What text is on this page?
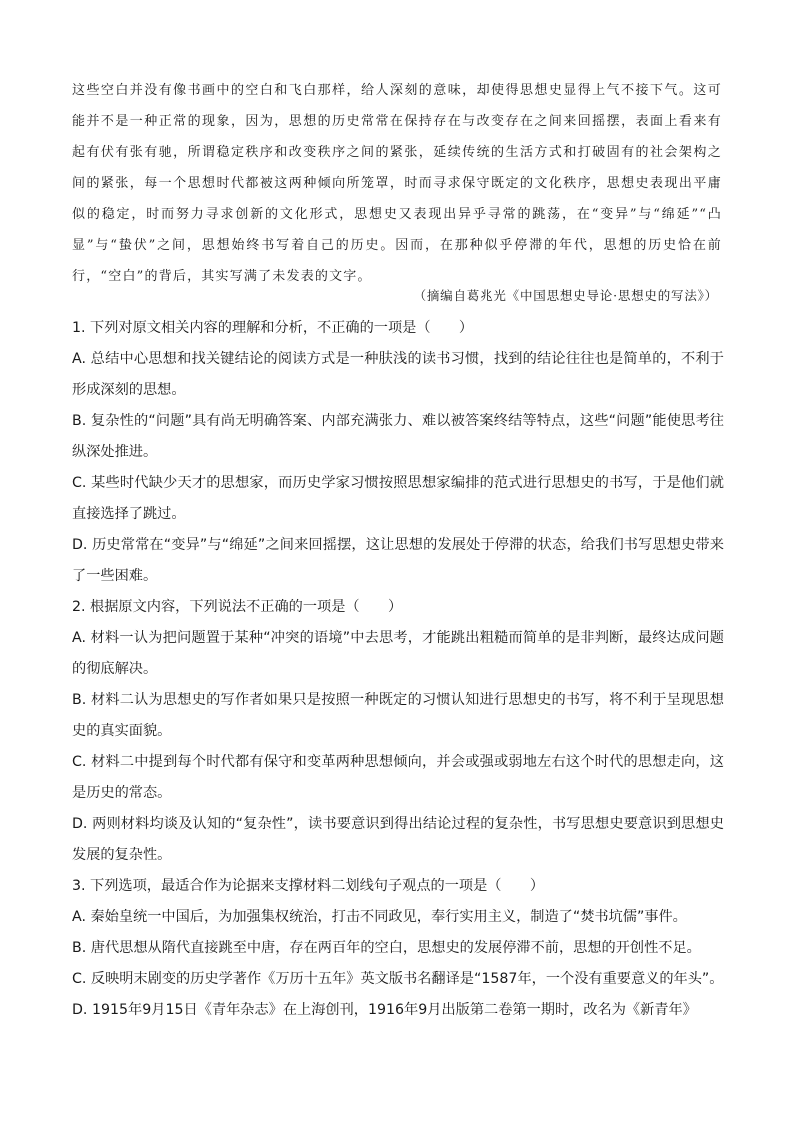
这些空白并没有像书画中的空白和飞白那样，给人深刻的意味，却使得思想史显得上气不接下气。这可能并不是一种正常的现象，因为，思想的历史常常在保持存在与改变存在之间来回摇摆，表面上看来有起有伏有张有驰，所谓稳定秩序和改变秩序之间的紧张，延续传统的生活方式和打破固有的社会架构之间的紧张，每一个思想时代都被这两种倾向所笼罩，时而寻求保守既定的文化秩序，思想史表现出平庸似的稳定，时而努力寻求创新的文化形式，思想史又表现出异乎寻常的跳荡，在“变异”与“绵延”“凸显”与“蛰伏”之间，思想始终书写着自己的历史。因而，在那种似乎停滞的年代，思想的历史恰在前行，“空白”的背后，其实写满了未发表的文字。

（摘编自葛兆光《中国思想史导论·思想史的写法》）

1. 下列对原文相关内容的理解和分析，不正确的一项是（　　）

A. 总结中心思想和找关键结论的阅读方式是一种肤浅的读书习惯，找到的结论往往也是简单的，不利于形成深刻的思想。

B. 复杂性的“问题”具有尚无明确答案、内部充满张力、难以被答案终结等特点，这些“问题”能使思考往纵深处推进。

C. 某些时代缺少天才的思想家，而历史学家习惯按照思想家编排的范式进行思想史的书写，于是他们就直接选择了跳过。

D. 历史常常在“变异”与“绵延”之间来回摇摆，这让思想的发展处于停滞的状态，给我们书写思想史带来了一些困难。

2. 根据原文内容，下列说法不正确的一项是（　　）

A. 材料一认为把问题置于某种“冲突的语境”中去思考，才能跳出粗糙而简单的是非判断，最终达成问题的彻底解决。

B. 材料二认为思想史的写作者如果只是按照一种既定的习惯认知进行思想史的书写，将不利于呈现思想史的真实面貌。

C. 材料二中提到每个时代都有保守和变革两种思想倾向，并会或强或弱地左右这个时代的思想走向，这是历史的常态。

D. 两则材料均谈及认知的“复杂性”，读书要意识到得出结论过程的复杂性，书写思想史要意识到思想史发展的复杂性。

3. 下列选项，最适合作为论据来支撑材料二划线句子观点的一项是（　　）

A. 秦始皇统一中国后，为加强集权统治，打击不同政见，奉行实用主义，制造了“焚书坑儒”事件。

B. 唐代思想从隋代直接跳至中唐，存在两百年的空白，思想史的发展停滞不前，思想的开创性不足。

C. 反映明末剧变的历史学著作《万历十五年》英文版书名翻译是“1587年，一个没有重要意义的年头”。

D. 1915年9月15日《青年杂志》在上海创刊，1916年9月出版第二卷第一期时，改名为《新青年》
